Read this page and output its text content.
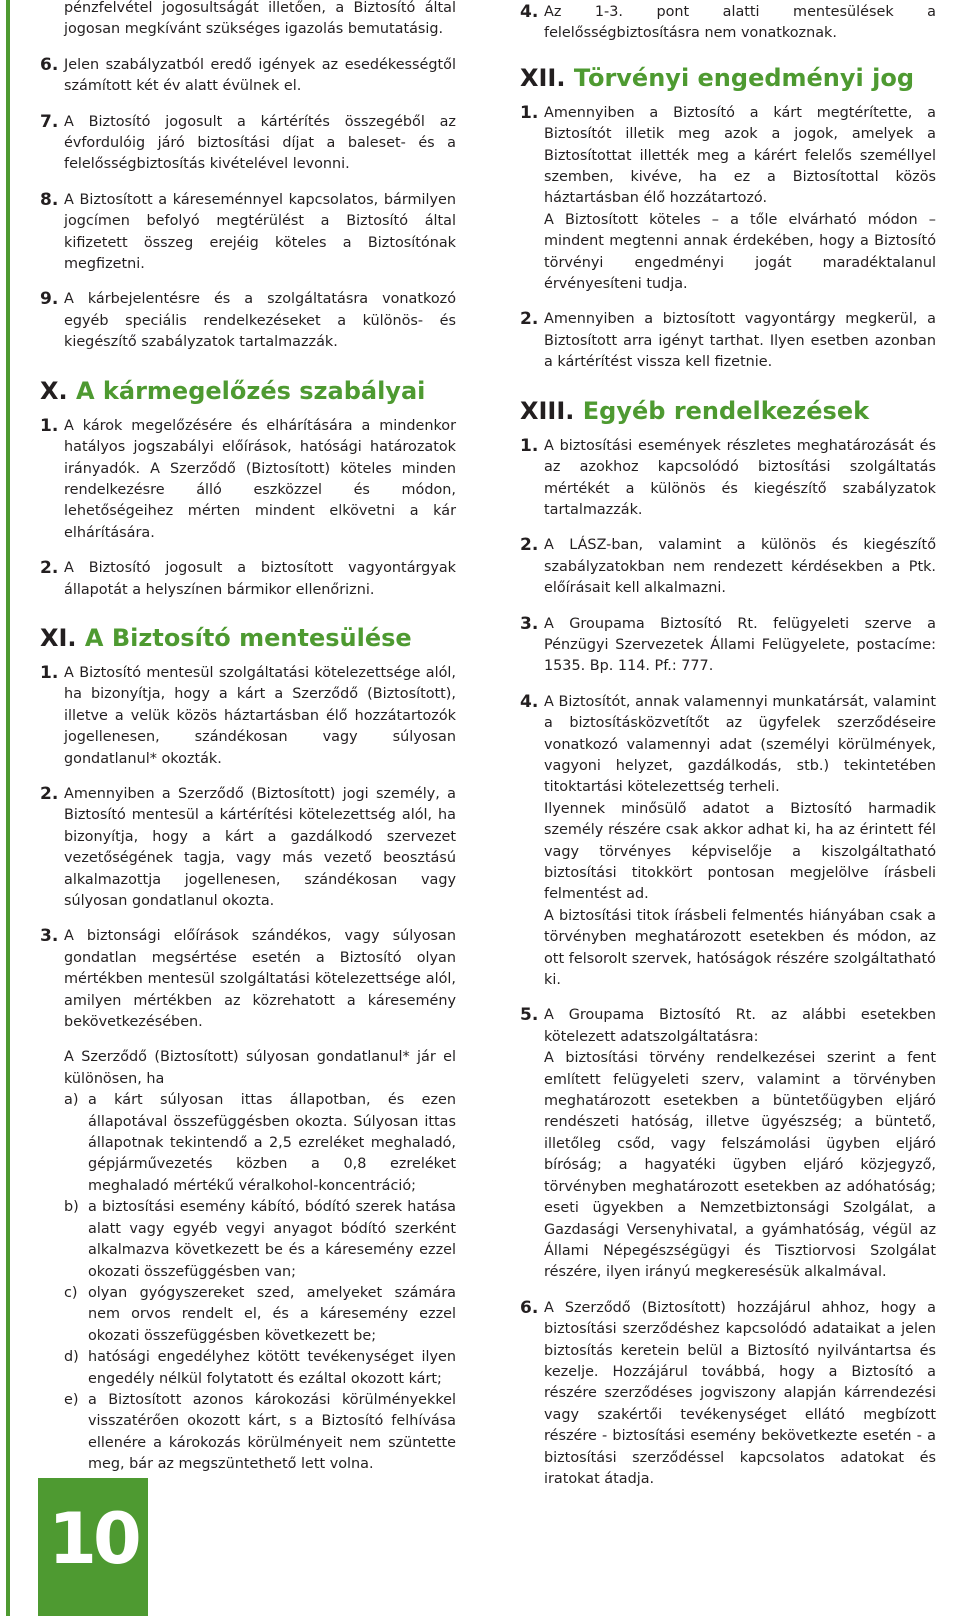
pénzfelvétel jogosultságát illetően, a Biztosító által jogosan megkívánt szükséges igazolás bemutatásig.
6. Jelen szabályzatból eredő igények az esedékességtől számított két év alatt évülnek el.
7. A Biztosító jogosult a kártérítés összegéből az évfordulóig járó biztosítási díjat a baleset- és a felelősségbiztosítás kivételével levonni.
8. A Biztosított a káreseménnyel kapcsolatos, bármilyen jogcímen befolyó megtérülést a Biztosító által kifizetett összeg erejéig köteles a Biztosítónak megfizetni.
9. A kárbejelentésre és a szolgáltatásra vonatkozó egyéb speciális rendelkezéseket a különös- és kiegészítő szabályzatok tartalmazzák.
X. A kármegelőzés szabályai
1. A károk megelőzésére és elhárítására a mindenkor hatályos jogszabályi előírások, hatósági határozatok irányadók. A Szerződő (Biztosított) köteles minden rendelkezésre álló eszközzel és módon, lehetőségeihez mérten mindent elkövetni a kár elhárítására.
2. A Biztosító jogosult a biztosított vagyontárgyak állapotát a helyszínen bármikor ellenőrizni.
XI. A Biztosító mentesülése
1. A Biztosító mentesül szolgáltatási kötelezettsége alól, ha bizonyítja, hogy a kárt a Szerződő (Biztosított), illetve a velük közös háztartásban élő hozzátartozók jogellenesen, szándékosan vagy súlyosan gondatlanul* okozták.
2. Amennyiben a Szerződő (Biztosított) jogi személy, a Biztosító mentesül a kártérítési kötelezettség alól, ha bizonyítja, hogy a kárt a gazdálkodó szervezet vezetőségének tagja, vagy más vezető beosztású alkalmazottja jogellenesen, szándékosan vagy súlyosan gondatlanul okozta.
3. A biztonsági előírások szándékos, vagy súlyosan gondatlan megsértése esetén a Biztosító olyan mértékben mentesül szolgáltatási kötelezettsége alól, amilyen mértékben az közrehatott a káresemény bekövetkezésében.

A Szerződő (Biztosított) súlyosan gondatlanul* jár el különösen, ha

a) a kárt súlyosan ittas állapotban, és ezen állapotával összefüggésben okozta. Súlyosan ittas állapotnak tekintendő a 2,5 ezreléket meghaladó, gépjárművezetés közben a 0,8 ezreléket meghaladó mértékű véralkohol-koncentráció;
b) a biztosítási esemény kábító, bódító szerek hatása alatt vagy egyéb vegyi anyagot bódító szerként alkalmazva következett be és a káresemény ezzel okozati összefüggésben van;
c) olyan gyógyszereket szed, amelyeket számára nem orvos rendelt el, és a káresemény ezzel okozati összefüggésben következett be;
d) hatósági engedélyhez kötött tevékenységet ilyen engedély nélkül folytatott és ezáltal okozott kárt;
e) a Biztosított azonos károkozási körülményekkel visszatérően okozott kárt, s a Biztosító felhívása ellenére a károkozás körülményeit nem szüntette meg, bár az megszüntethető lett volna.
4. Az 1-3. pont alatti mentesülések a felelősségbiztosításra nem vonatkoznak.
XII. Törvényi engedményi jog
1. Amennyiben a Biztosító a kárt megtérítette, a Biztosítót illetik meg azok a jogok, amelyek a Biztosítottat illették meg a kárért felelős személlyel szemben, kivéve, ha ez a Biztosítottal közös háztartásban élő hozzátartozó.

A Biztosított köteles – a tőle elvárható módon – mindent megtenni annak érdekében, hogy a Biztosító törvényi engedményi jogát maradéktalanul érvényesíteni tudja.

2. Amennyiben a biztosított vagyontárgy megkerül, a Biztosított arra igényt tarthat. Ilyen esetben azonban a kártérítést vissza kell fizetnie.
XIII. Egyéb rendelkezések
1. A biztosítási események részletes meghatározását és az azokhoz kapcsolódó biztosítási szolgáltatás mértékét a különös és kiegészítő szabályzatok tartalmazzák.
2. A LÁSZ-ban, valamint a különös és kiegészítő szabályzatokban nem rendezett kérdésekben a Ptk. előírásait kell alkalmazni.
3. A Groupama Biztosító Rt. felügyeleti szerve a Pénzügyi Szervezetek Állami Felügyelete, postacíme: 1535. Bp. 114. Pf.: 777.
4. A Biztosítót, annak valamennyi munkatársát, valamint a biztosításközvetítőt az ügyfelek szerződéseire vonatkozó valamennyi adat (személyi körülmények, vagyoni helyzet, gazdálkodás, stb.) tekintetében titoktartási kötelezettség terheli.

Ilyennek minősülő adatot a Biztosító harmadik személy részére csak akkor adhat ki, ha az érintett fél vagy törvényes képviselője a kiszolgáltatható biztosítási titokkört pontosan megjelölve írásbeli felmentést ad.

A biztosítási titok írásbeli felmentés hiányában csak a törvényben meghatározott esetekben és módon, az ott felsorolt szervek, hatóságok részére szolgáltatható ki.

5. A Groupama Biztosító Rt. az alábbi esetekben kötelezett adatszolgáltatásra:

A biztosítási törvény rendelkezései szerint a fent említett felügyeleti szerv, valamint a törvényben meghatározott esetekben a büntetőügyben eljáró rendészeti hatóság, illetve ügyészség; a büntető, illetőleg csőd, vagy felszámolási ügyben eljáró bíróság; a hagyatéki ügyben eljáró közjegyző, törvényben meghatározott esetekben az adóhatóság; eseti ügyekben a Nemzetbiztonsági Szolgálat, a Gazdasági Versenyhivatal, a gyámhatóság, végül az Állami Népegészségügyi és Tisztiorvosi Szolgálat részére, ilyen irányú megkeresésük alkalmával.

6. A Szerződő (Biztosított) hozzájárul ahhoz, hogy a biztosítási szerződéshez kapcsolódó adataikat a jelen biztosítás keretein belül a Biztosító nyilvántartsa és kezelje. Hozzájárul továbbá, hogy a Biztosító a részére szerződéses jogviszony alapján kárrendezési vagy szakértői tevékenységet ellátó megbízott részére - biztosítási esemény bekövetkezte esetén - a biztosítási szerződéssel kapcsolatos adatokat és iratokat átadja.
10
